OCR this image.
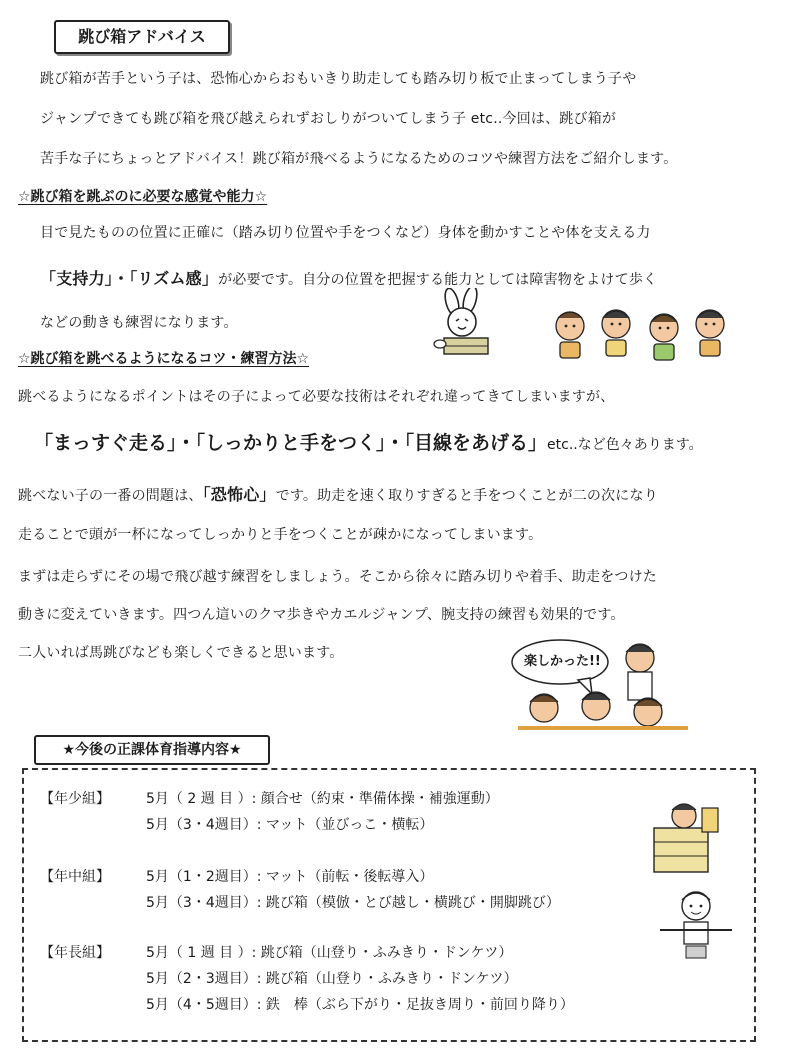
跳び箱アドバイス
跳び箱が苦手という子は、恐怖心からおもいきり助走しても踏み切り板で止まってしまう子や
ジャンプできても跳び箱を飛び越えられずおしりがついてしまう子 etc..今回は、跳び箱が
苦手な子にちょっとアドバイス！跳び箱が飛べるようになるためのコツや練習方法をご紹介します。
☆跳び箱を跳ぶのに必要な感覚や能力☆
目で見たものの位置に正確に（踏み切り位置や手をつくなど）身体を動かすことや体を支える力
「支持力」・「リズム感」が必要です。自分の位置を把握する能力としては障害物をよけて歩く
などの動きも練習になります。
☆跳び箱を跳べるようになるコツ・練習方法☆
跳べるようになるポイントはその子によって必要な技術はそれぞれ違ってきてしまいますが、
「まっすぐ走る」・「しっかりと手をつく」・「目線をあげる」etc..など色々あります。
跳べない子の一番の問題は、「恐怖心」です。助走を速く取りすぎると手をつくことが二の次になり
走ることで頭が一杯になってしっかりと手をつくことが疎かになってしまいます。
まずは走らずにその場で飛び越す練習をしましょう。そこから徐々に踏み切りや着手、助走をつけた
動きに変えていきます。四つん這いのクマ歩きやカエルジャンプ、腕支持の練習も効果的です。
二人いれば馬跳びなども楽しくできると思います。
楽しかった!!
★今後の正課体育指導内容★
【年少組】	5月（ 2 週 目 ）: 顔合せ（約束・準備体操・補強運動）
5月（3・4週目）: マット（並びっこ・横転）
【年中組】	5月（1・2週目）: マット（前転・後転導入）
5月（3・4週目）: 跳び箱（模倣・とび越し・横跳び・開脚跳び）
【年長組】	5月（ 1 週 目 ）: 跳び箱（山登り・ふみきり・ドンケツ）
5月（2・3週目）: 跳び箱（山登り・ふみきり・ドンケツ）
5月（4・5週目）: 鉄　棒（ぶら下がり・足抜き周り・前回り降り）
